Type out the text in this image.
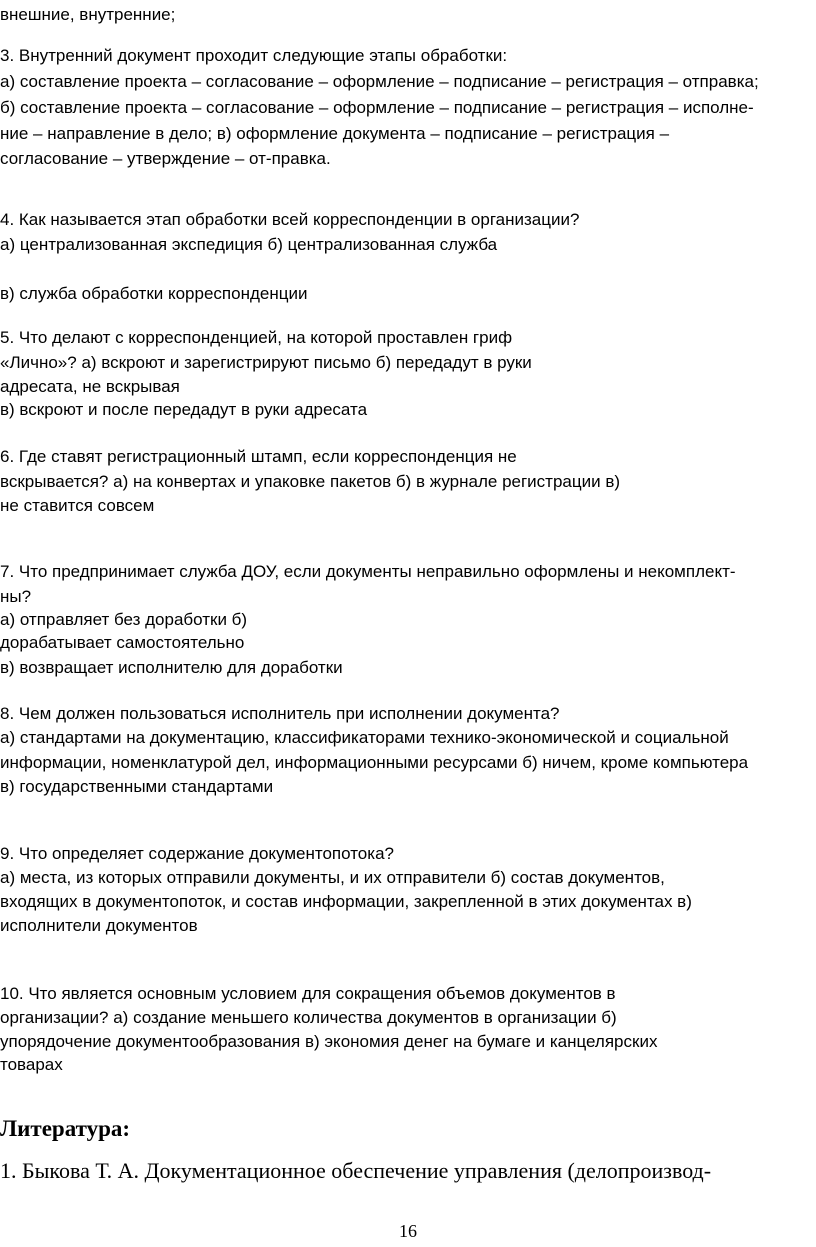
внешние, внутренние;
3. Внутренний документ проходит следующие этапы обработки:
а) составление проекта – согласование – оформление – подписание – регистрация – отправка;
б) составление проекта – согласование – оформление – подписание – регистрация – исполне-
ние – направление в дело; в) оформление документа – подписание – регистрация –
согласование – утверждение – от-правка.
4. Как называется этап обработки всей корреспонденции в организации?
а) централизованная экспедиция б) централизованная служба
в) служба обработки корреспонденции
5. Что делают с корреспонденцией, на которой проставлен гриф
«Лично»? а) вскроют и зарегистрируют письмо б) передадут в руки
адресата, не вскрывая
в) вскроют и после передадут в руки адресата
6. Где ставят регистрационный штамп, если корреспонденция не
вскрывается? а) на конвертах и упаковке пакетов б) в журнале регистрации в)
не ставится совсем
7. Что предпринимает служба ДОУ, если документы неправильно оформлены и некомплект-
ны?
а) отправляет без доработки б)
дорабатывает самостоятельно
в) возвращает исполнителю для доработки
8. Чем должен пользоваться исполнитель при исполнении документа?
а) стандартами на документацию, классификаторами технико-экономической и социальной
информации, номенклатурой дел, информационными ресурсами б) ничем, кроме компьютера
в) государственными стандартами
9. Что определяет содержание документопотока?
а) места, из которых отправили документы, и их отправители б) состав документов,
входящих в документопоток, и состав информации, закрепленной в этих документах в)
исполнители документов
10. Что является основным условием для сокращения объемов документов в
организации? а) создание меньшего количества документов в организации б)
упорядочение документообразования в) экономия денег на бумаге и канцелярских
товарах
Литература:
1. Быкова Т. А. Документационное обеспечение управления (делопроизвод-
16
